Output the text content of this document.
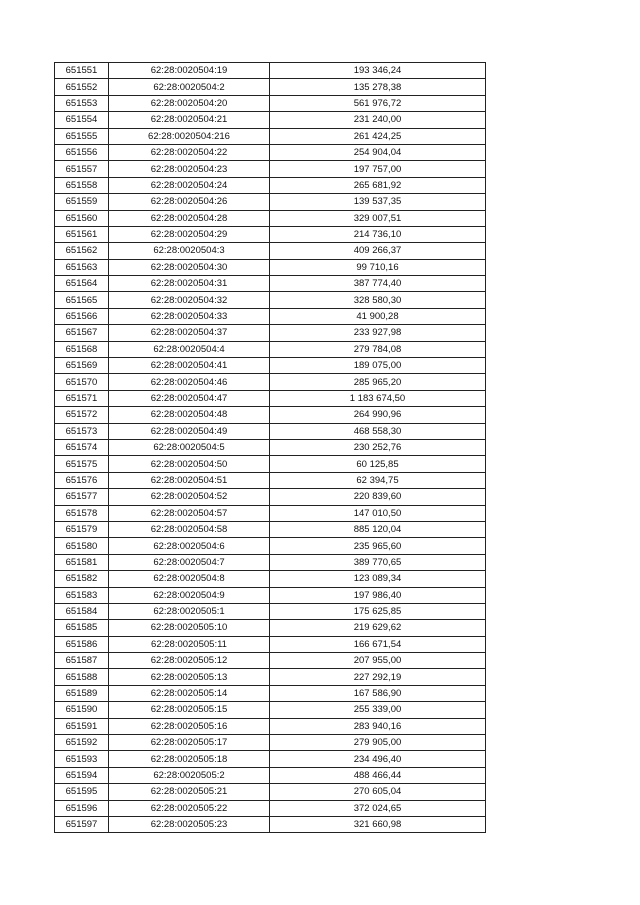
651551	62:28:0020504:19	193 346,24
651552	62:28:0020504:2	135 278,38
651553	62:28:0020504:20	561 976,72
651554	62:28:0020504:21	231 240,00
651555	62:28:0020504:216	261 424,25
651556	62:28:0020504:22	254 904,04
651557	62:28:0020504:23	197 757,00
651558	62:28:0020504:24	265 681,92
651559	62:28:0020504:26	139 537,35
651560	62:28:0020504:28	329 007,51
651561	62:28:0020504:29	214 736,10
651562	62:28:0020504:3	409 266,37
651563	62:28:0020504:30	99 710,16
651564	62:28:0020504:31	387 774,40
651565	62:28:0020504:32	328 580,30
651566	62:28:0020504:33	41 900,28
651567	62:28:0020504:37	233 927,98
651568	62:28:0020504:4	279 784,08
651569	62:28:0020504:41	189 075,00
651570	62:28:0020504:46	285 965,20
651571	62:28:0020504:47	1 183 674,50
651572	62:28:0020504:48	264 990,96
651573	62:28:0020504:49	468 558,30
651574	62:28:0020504:5	230 252,76
651575	62:28:0020504:50	60 125,85
651576	62:28:0020504:51	62 394,75
651577	62:28:0020504:52	220 839,60
651578	62:28:0020504:57	147 010,50
651579	62:28:0020504:58	885 120,04
651580	62:28:0020504:6	235 965,60
651581	62:28:0020504:7	389 770,65
651582	62:28:0020504:8	123 089,34
651583	62:28:0020504:9	197 986,40
651584	62:28:0020505:1	175 625,85
651585	62:28:0020505:10	219 629,62
651586	62:28:0020505:11	166 671,54
651587	62:28:0020505:12	207 955,00
651588	62:28:0020505:13	227 292,19
651589	62:28:0020505:14	167 586,90
651590	62:28:0020505:15	255 339,00
651591	62:28:0020505:16	283 940,16
651592	62:28:0020505:17	279 905,00
651593	62:28:0020505:18	234 496,40
651594	62:28:0020505:2	488 466,44
651595	62:28:0020505:21	270 605,04
651596	62:28:0020505:22	372 024,65
651597	62:28:0020505:23	321 660,98
